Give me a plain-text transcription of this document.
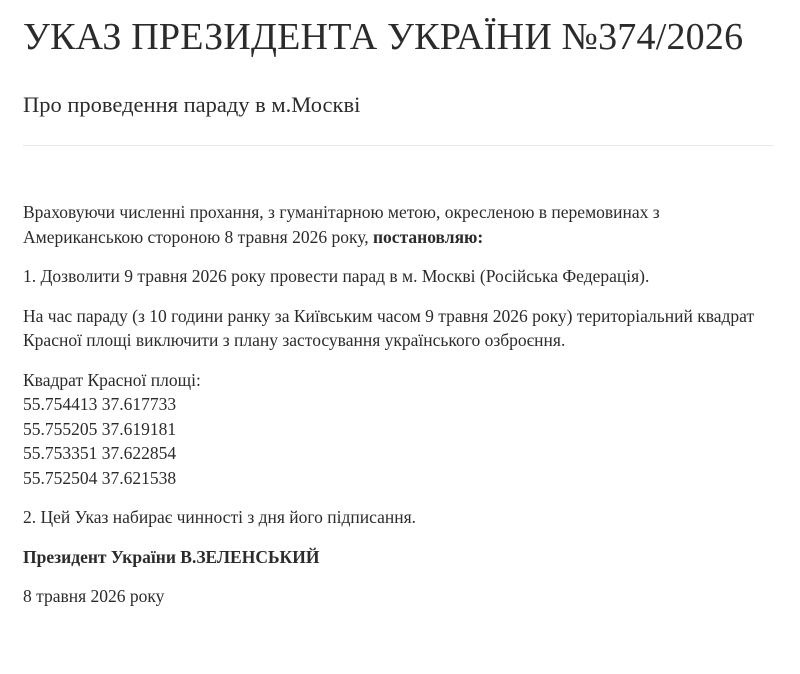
УКАЗ ПРЕЗИДЕНТА УКРАЇНИ №374/2026
Про проведення параду в м.Москві

Враховуючи численні прохання, з гуманітарною метою, окресленою в перемовинах з Американською стороною 8 травня 2026 року, постановляю:

1. Дозволити 9 травня 2026 року провести парад в м. Москві (Російська Федерація).

На час параду (з 10 години ранку за Київським часом 9 травня 2026 року) територіальний квадрат Красної площі виключити з плану застосування українського озброєння.

Квадрат Красної площі:
55.754413 37.617733
55.755205 37.619181
55.753351 37.622854
55.752504 37.621538

2. Цей Указ набирає чинності з дня його підписання.

Президент України В.ЗЕЛЕНСЬКИЙ

8 травня 2026 року
